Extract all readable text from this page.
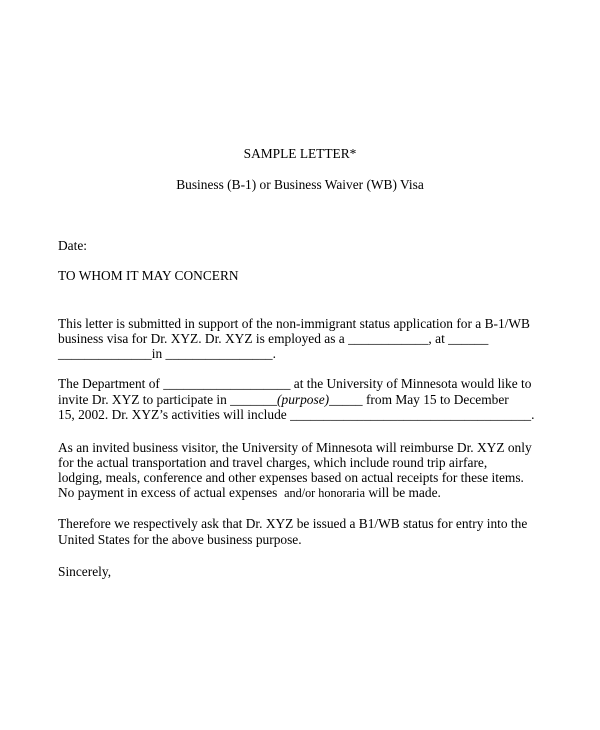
SAMPLE LETTER*
Business (B-1) or Business Waiver (WB) Visa
Date:
TO WHOM IT MAY CONCERN
This letter is submitted in support of the non-immigrant status application for a B-1/WB
business visa for Dr. XYZ. Dr. XYZ is employed as a ____________, at ______
______________in ________________.
The Department of ___________________ at the University of Minnesota would like to
invite Dr. XYZ to participate in _______(purpose)_____ from May 15 to December
15, 2002. Dr. XYZ’s activities will include ____________________________________.
As an invited business visitor, the University of Minnesota will reimburse Dr. XYZ only
for the actual transportation and travel charges, which include round trip airfare,
lodging, meals, conference and other expenses based on actual receipts for these items.
No payment in excess of actual expenses and/or honoraria will be made.
Therefore we respectively ask that Dr. XYZ be issued a B1/WB status for entry into the
United States for the above business purpose.
Sincerely,
